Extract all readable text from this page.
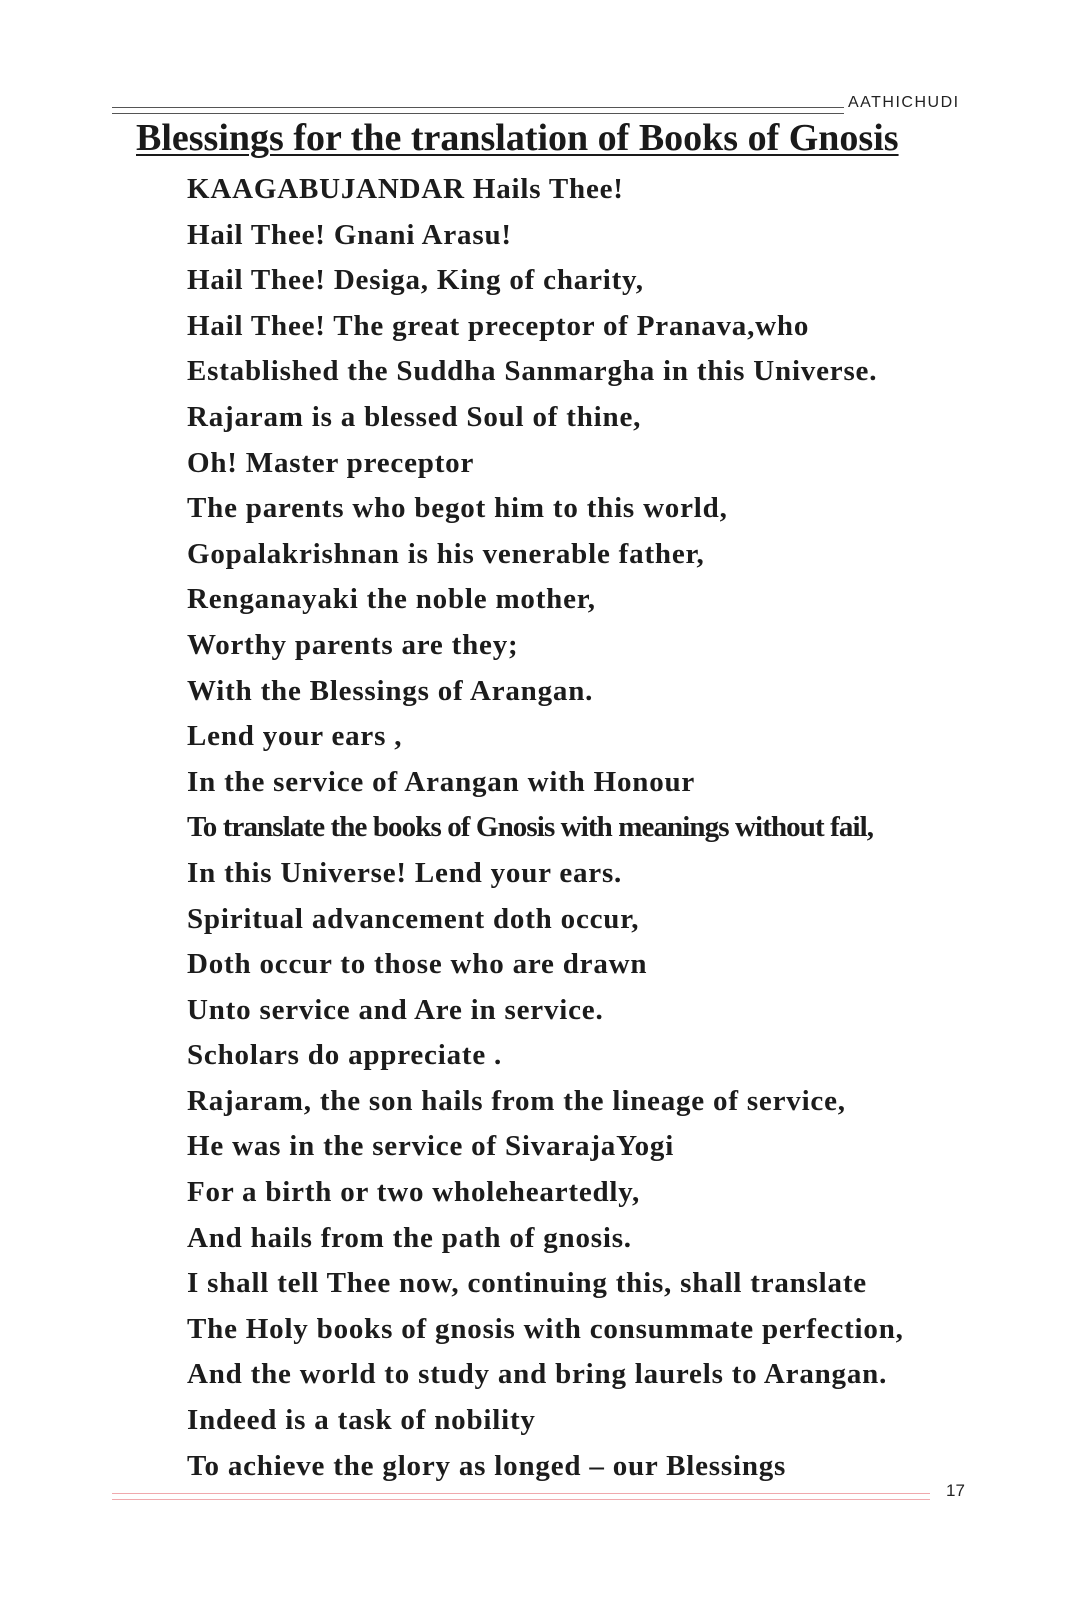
AATHICHUDI
Blessings for the translation of Books of Gnosis
KAAGABUJANDAR Hails Thee!
Hail Thee! Gnani Arasu!
Hail Thee! Desiga, King of charity,
Hail Thee! The great preceptor of Pranava,who
Established the Suddha Sanmargha in this Universe.
Rajaram is a blessed Soul of thine,
Oh! Master preceptor
The parents who begot him to this world,
Gopalakrishnan is his venerable father,
Renganayaki the noble mother,
Worthy parents are they;
With the Blessings of Arangan.
Lend your ears ,
In the service of Arangan with Honour
To translate the books of Gnosis with meanings without fail,
In this Universe! Lend your ears.
Spiritual advancement doth occur,
Doth occur to those who are drawn
Unto service and Are in service.
Scholars do appreciate .
Rajaram, the son hails from the lineage of service,
He was in the service of SivarajaYogi
For a birth or two wholeheartedly,
And hails from the path of gnosis.
I shall tell Thee now, continuing this, shall translate
The Holy books of gnosis with consummate perfection,
And the world to study and bring laurels to Arangan.
Indeed is a task of nobility
To achieve the glory as longed – our Blessings
17
